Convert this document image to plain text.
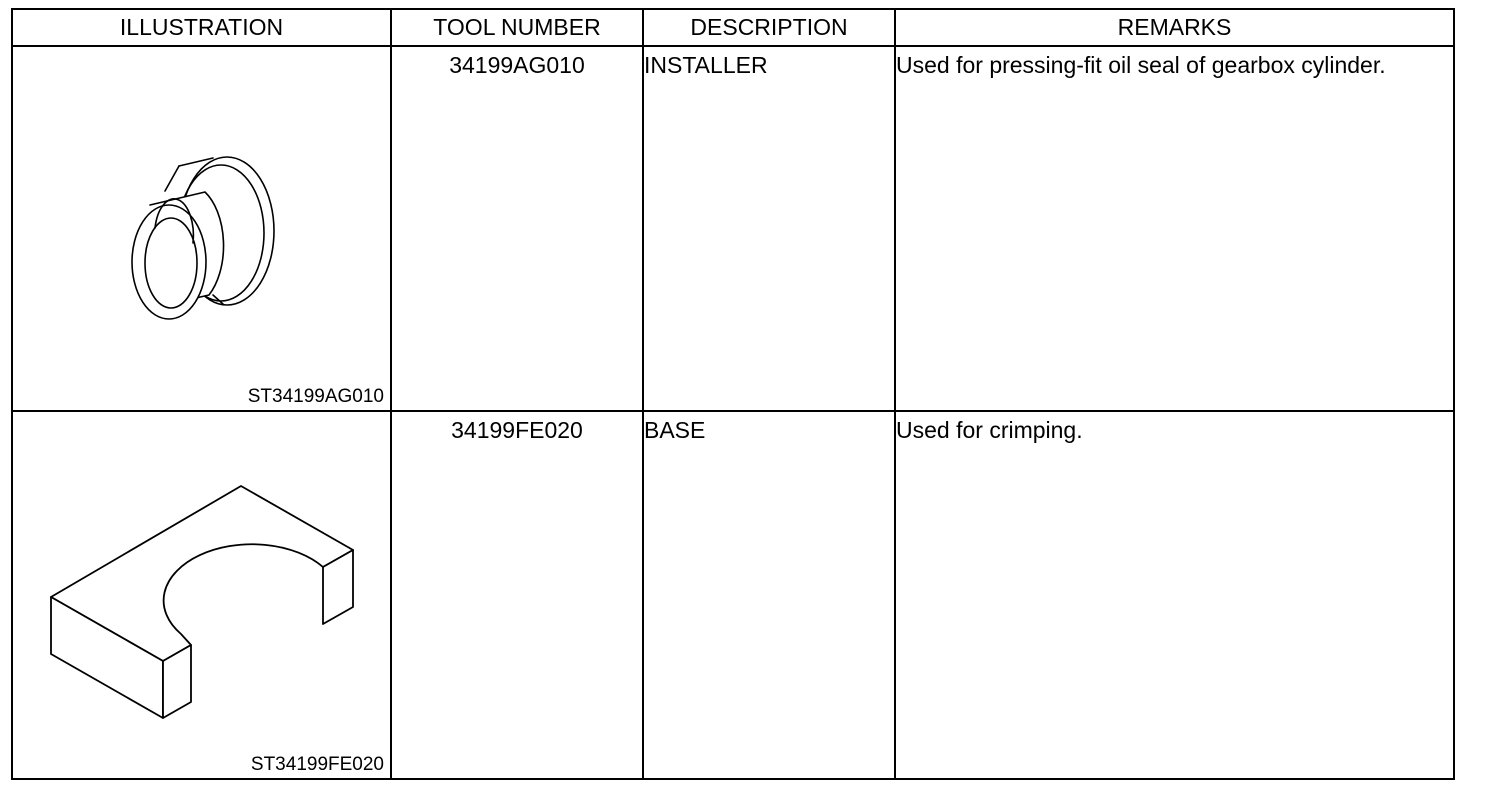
ILLUSTRATION	TOOL NUMBER	DESCRIPTION	REMARKS

ST34199AG010	34199AG010	INSTALLER	Used for pressing-fit oil seal of gearbox cylinder.

ST34199FE020	34199FE020	BASE	Used for crimping.
